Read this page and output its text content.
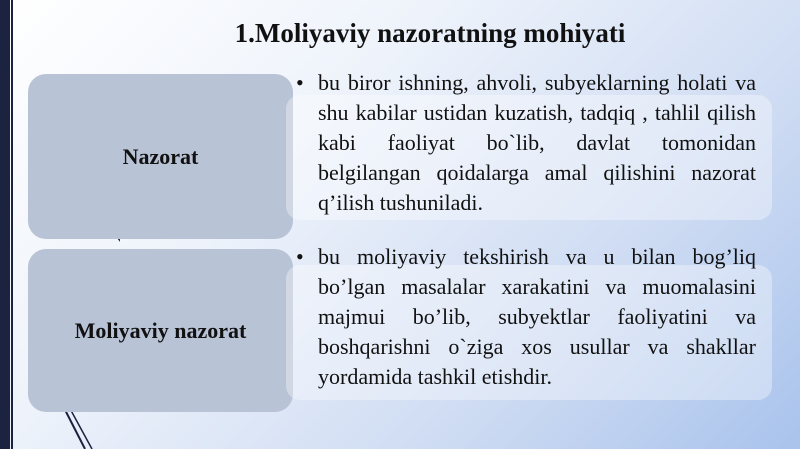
1.Moliyaviy nazoratning mohiyati
Nazorat
• bu biror ishning, ahvoli, subyeklarning holati va shu kabilar ustidan kuzatish, tadqiq , tahlil qilish kabi faoliyat bo`lib, davlat tomonidan belgilangan qoidalarga amal qilishini nazorat q’ilish tushuniladi.
Moliyaviy nazorat
• bu moliyaviy tekshirish va u bilan bog’liq bo’lgan masalalar xarakatini va muomalasini majmui bo’lib, subyektlar faoliyatini va boshqarishni o`ziga xos usullar va shakllar yordamida tashkil etishdir.
